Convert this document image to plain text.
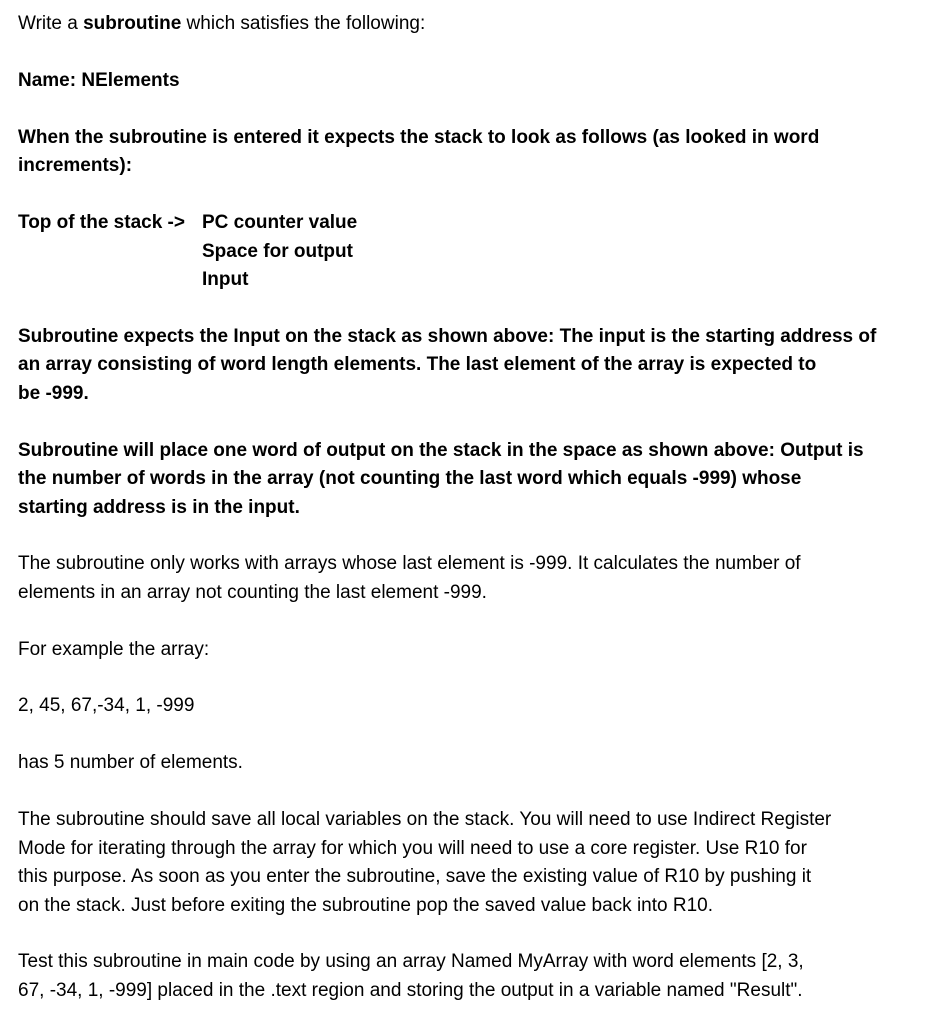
Write a subroutine which satisfies the following:
Name: NElements
When the subroutine is entered it expects the stack to look as follows (as looked in word
increments):
Top of the stack -> PC counter value
Space for output
Input
Subroutine expects the Input on the stack as shown above: The input is the starting address of
an array consisting of word length elements. The last element of the array is expected to
be -999.
Subroutine will place one word of output on the stack in the space as shown above: Output is
the number of words in the array (not counting the last word which equals -999) whose
starting address is in the input.
The subroutine only works with arrays whose last element is -999. It calculates the number of
elements in an array not counting the last element -999.
For example the array:
2, 45, 67,-34, 1, -999
has 5 number of elements.
The subroutine should save all local variables on the stack. You will need to use Indirect Register
Mode for iterating through the array for which you will need to use a core register. Use R10 for
this purpose. As soon as you enter the subroutine, save the existing value of R10 by pushing it
on the stack. Just before exiting the subroutine pop the saved value back into R10.
Test this subroutine in main code by using an array Named MyArray with word elements [2, 3,
67, -34, 1, -999] placed in the .text region and storing the output in a variable named "Result".
